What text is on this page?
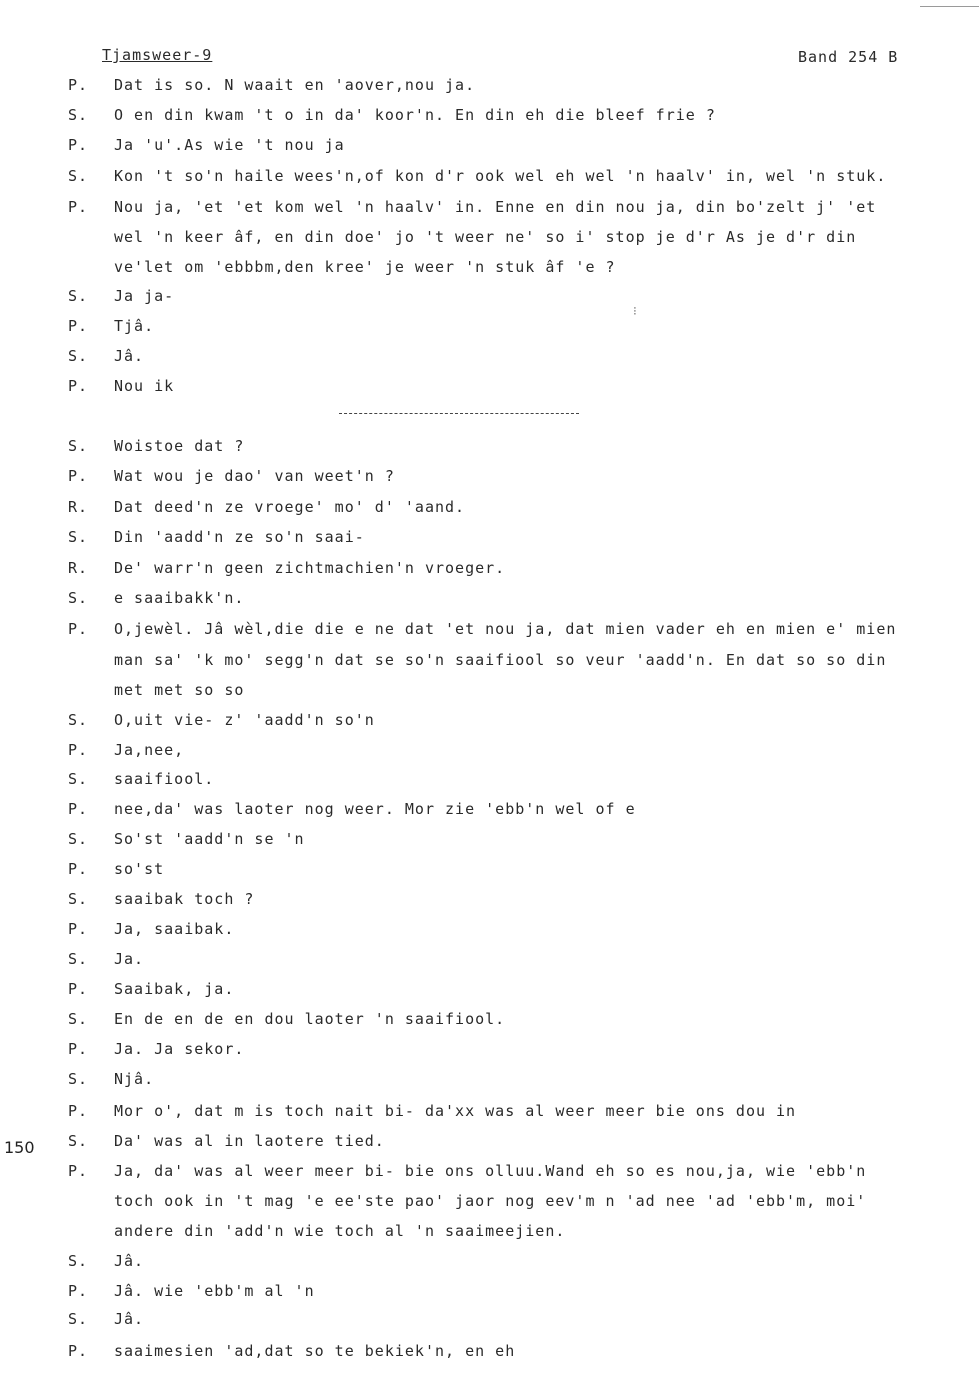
Tjamsweer-9	Band 254 B
150
⁝
P. Dat is so. N waait en 'aover,nou ja.
S. O en din kwam 't o in da' koor'n. En din eh die bleef frie ?
P. Ja 'u'.As wie 't nou ja
S. Kon 't so'n haile wees'n,of kon d'r ook wel eh wel 'n haalv' in, wel 'n stuk.
P. Nou ja, 'et 'et kom wel 'n haalv' in. Enne en din nou ja, din bo'zelt j' 'et
wel 'n keer âf, en din doe' jo 't weer ne' so i' stop je d'r As je d'r din
ve'let om 'ebbbm,den kree' je weer 'n stuk âf 'e ?
S. Ja ja-
P. Tjâ.
S. Jâ.
P. Nou ik
S. Woistoe dat ?
P. Wat wou je dao' van weet'n ?
R. Dat deed'n ze vroege' mo' d' 'aand.
S. Din 'aadd'n ze so'n saai-
R. De' warr'n geen zichtmachien'n vroeger.
S. e saaibakk'n.
P. O,jewèl. Jâ wèl,die die e ne dat 'et nou ja, dat mien vader eh en mien e' mien
man sa' 'k mo' segg'n dat se so'n saaifiool so veur 'aadd'n. En dat so so din
met met so so
S. O,uit vie- z' 'aadd'n so'n
P. Ja,nee,
S. saaifiool.
P. nee,da' was laoter nog weer. Mor zie 'ebb'n wel of e
S. So'st 'aadd'n se 'n
P. so'st
S. saaibak toch ?
P. Ja, saaibak.
S. Ja.
P. Saaibak, ja.
S. En de en de en dou laoter 'n saaifiool.
P. Ja. Ja sekor.
S. Njâ.
P. Mor o', dat m is toch nait bi- da'xx was al weer meer bie ons dou in
S. Da' was al in laotere tied.
P. Ja, da' was al weer meer bi- bie ons olluu.Wand eh so es nou,ja, wie 'ebb'n
toch ook in 't mag 'e ee'ste pao' jaor nog eev'm n 'ad nee 'ad 'ebb'm, moi'
andere din 'add'n wie toch al 'n saaimeejien.
S. Jâ.
P. Jâ. wie 'ebb'm al 'n
S. Jâ.
P. saaimesien 'ad,dat so te bekiek'n, en eh
